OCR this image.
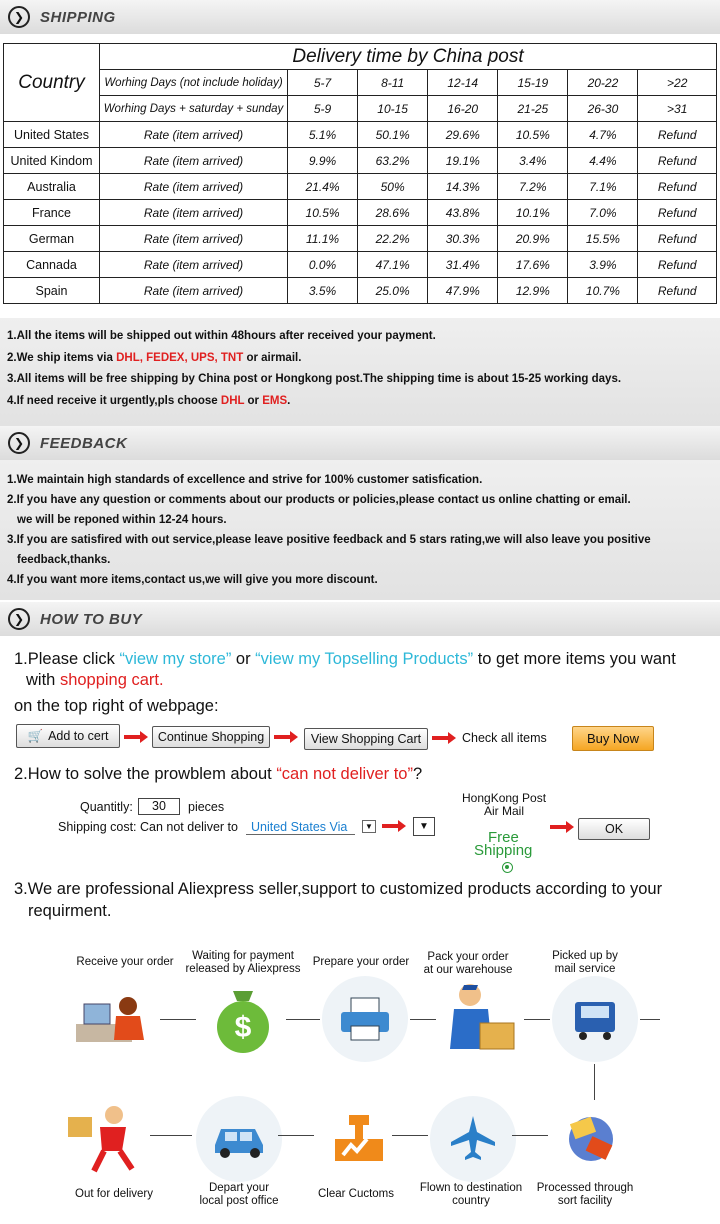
❯	SHIPPING
Country	Delivery time by China post						
	Worhing Days (not include holiday)	5-7	8-11	12-14	15-19	20-22	>22
	Worhing Days + saturday + sunday	5-9	10-15	16-20	21-25	26-30	>31
United States	Rate (item arrived)	5.1%	50.1%	29.6%	10.5%	4.7%	Refund
United Kindom	Rate (item arrived)	9.9%	63.2%	19.1%	3.4%	4.4%	Refund
Australia	Rate (item arrived)	21.4%	50%	14.3%	7.2%	7.1%	Refund
France	Rate (item arrived)	10.5%	28.6%	43.8%	10.1%	7.0%	Refund
German	Rate (item arrived)	11.1%	22.2%	30.3%	20.9%	15.5%	Refund
Cannada	Rate (item arrived)	0.0%	47.1%	31.4%	17.6%	3.9%	Refund
Spain	Rate (item arrived)	3.5%	25.0%	47.9%	12.9%	10.7%	Refund
1.All the items will be shipped out within 48hours after received your payment.
2.We ship items via DHL, FEDEX, UPS, TNT or airmail.
3.All items will be free shipping by China post or Hongkong post.The shipping time is about 15-25 working days.
4.If need receive it urgently,pls choose DHL or EMS.
❯	FEEDBACK
1.We maintain high standards of excellence and strive for 100% customer satisfication.
2.If you have any question or comments about our products or policies,please contact us online chatting or email.
we will be reponed within 12-24 hours.
3.If you are satisfired with out service,please leave positive feedback and 5 stars rating,we will also leave you positive
feedback,thanks.
4.If you want more items,contact us,we will give you more discount.
❯	HOW TO BUY
1.Please click “view my store” or “view my Topselling Products” to get more items you want
with shopping cart.
on the top right of webpage:
🛒 Add to cert	Continue Shopping	View Shopping Cart	Check all items	Buy Now
2.How to solve the prowblem about “can not deliver to”?
Quantitly:	30	pieces
Shipping cost: Can not deliver to	United States Via	▼	▼
HongKong Post
Air Mail
Free
Shipping
OK
3.We are professional Aliexpress seller,support to customized products according to your
requirment.
Receive your order	Waiting for payment
released by Aliexpress
Prepare your order	Pack your order
at our warehouse
Picked up by
mail service
$
Out for delivery	Depart your
local post office
Clear Cuctoms	Flown to destination
country
Processed through
sort facility
